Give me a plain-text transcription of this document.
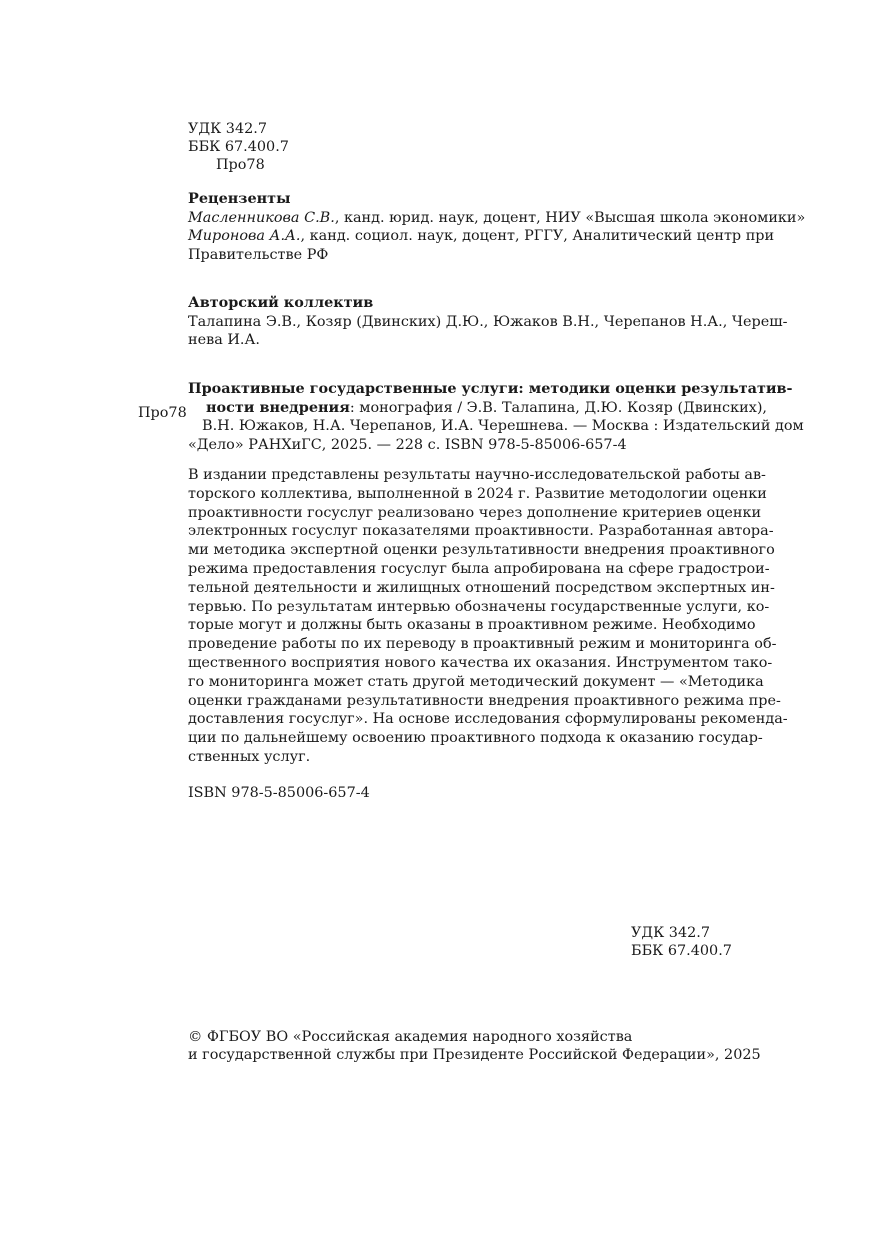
УДК 342.7
ББК 67.400.7
Про78
Рецензенты
Масленникова С.В., канд. юрид. наук, доцент, НИУ «Высшая школа экономики»
Миронова А.А., канд. социол. наук, доцент, РГГУ, Аналитический центр при
Правительстве РФ
Авторский коллектив
Талапина Э.В., Козяр (Двинских) Д.Ю., Южаков В.Н., Черепанов Н.А., Череш-
нева И.А.
Про78
Проактивные государственные услуги: методики оценки результатив-
ности внедрения: монография / Э.В. Талапина, Д.Ю. Козяр (Двинских),
В.Н. Южаков, Н.А. Черепанов, И.А. Черешнева. — Москва : Издательский дом
«Дело» РАНХиГС, 2025. — 228 с. ISBN 978-5-85006-657-4
В издании представлены результаты научно-исследовательской работы ав-
торского коллектива, выполненной в 2024 г. Развитие методологии оценки
проактивности госуслуг реализовано через дополнение критериев оценки
электронных госуслуг показателями проактивности. Разработанная автора-
ми методика экспертной оценки результативности внедрения проактивного
режима предоставления госуслуг была апробирована на сфере градострои-
тельной деятельности и жилищных отношений посредством экспертных ин-
тервью. По результатам интервью обозначены государственные услуги, ко-
торые могут и должны быть оказаны в проактивном режиме. Необходимо
проведение работы по их переводу в проактивный режим и мониторинга об-
щественного восприятия нового качества их оказания. Инструментом тако-
го мониторинга может стать другой методический документ — «Методика
оценки гражданами результативности внедрения проактивного режима пре-
доставления госуслуг». На основе исследования сформулированы рекоменда-
ции по дальнейшему освоению проактивного подхода к оказанию государ-
ственных услуг.
ISBN 978-5-85006-657-4
УДК 342.7
ББК 67.400.7
© ФГБОУ ВО «Российская академия народного хозяйства
и государственной службы при Президенте Российской Федерации», 2025
